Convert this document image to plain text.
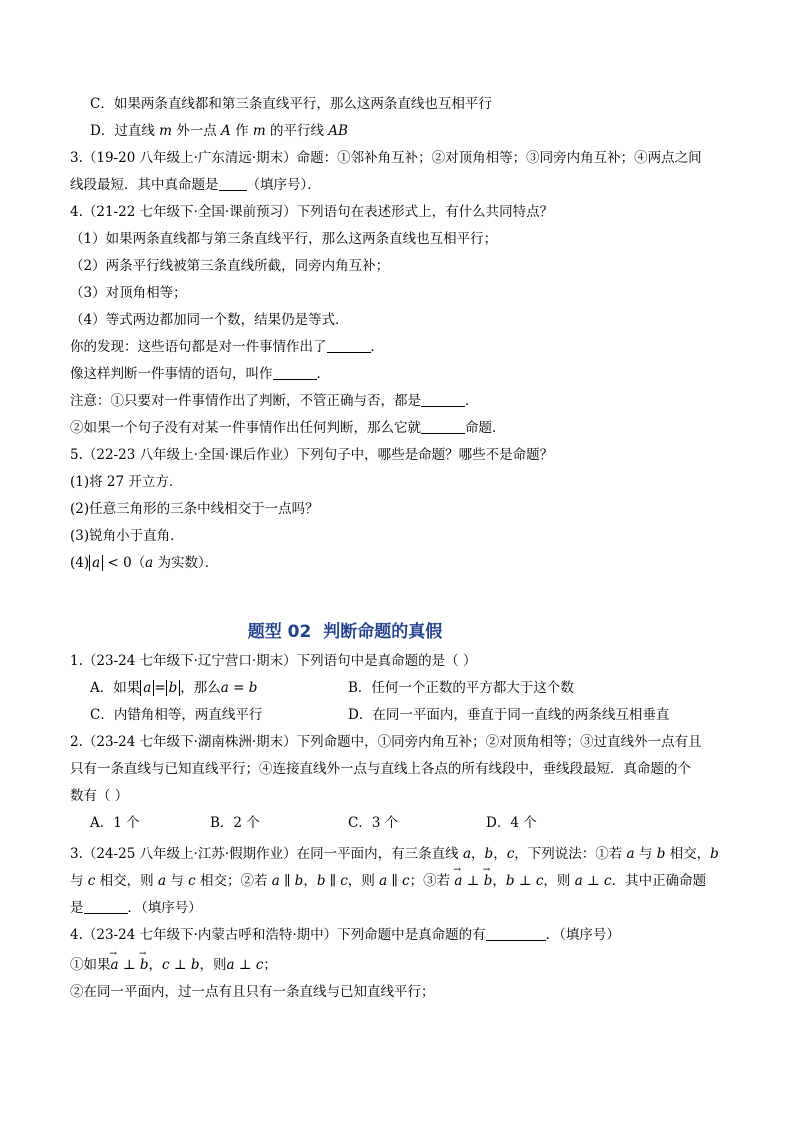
C．如果两条直线都和第三条直线平行，那么这两条直线也互相平行
D．过直线 m 外一点 A 作 m 的平行线 AB
3.（19-20 八年级上·广东清远·期末）命题：①邻补角互补；②对顶角相等；③同旁内角互补；④两点之间
线段最短．其中真命题是 （填序号）．
4.（21-22 七年级下·全国·课前预习）下列语句在表述形式上，有什么共同特点？
（1）如果两条直线都与第三条直线平行，那么这两条直线也互相平行；
（2）两条平行线被第三条直线所截，同旁内角互补；
（3）对顶角相等；
（4）等式两边都加同一个数，结果仍是等式．
你的发现：这些语句都是对一件事情作出了	．
像这样判断一件事情的语句，叫作	．
注意：①只要对一件事情作出了判断，不管正确与否，都是	．
②如果一个句子没有对某一件事情作出任何判断，那么它就	命题．
5.（22-23 八年级上·全国·课后作业）下列句子中，哪些是命题？哪些不是命题？
(1)将 27 开立方．
(2)任意三角形的三条中线相交于一点吗？
(3)锐角小于直角．
(4) a < 0（a 为实数）．
题型 02 判断命题的真假
1.（23-24 七年级下·辽宁营口·期末）下列语句中是真命题的是（ ）
A．如果 a = b ，那么a = b	B．任何一个正数的平方都大于这个数
C．内错角相等，两直线平行	D．在同一平面内，垂直于同一直线的两条线互相垂直
2.（23-24 七年级下·湖南株洲·期末）下列命题中，①同旁内角互补；②对顶角相等；③过直线外一点有且
只有一条直线与已知直线平行；④连接直线外一点与直线上各点的所有线段中，垂线段最短．真命题的个
数有（ ）
A．1 个	B．2 个	C．3 个	D．4 个
3.（24-25 八年级上·江苏·假期作业）在同一平面内，有三条直线 a，b，c，下列说法：①若 a 与 b 相交，b
与 c 相交，则 a 与 c 相交；②若 a ∥ b，b ∥ c，则 a ∥ c；③若 → a ⊥ → b，b ⊥ c，则 a ⊥ c．其中正确命题
是	．（填序号）
4.（23-24 七年级下·内蒙古呼和浩特·期中）下列命题中是真命题的有	．（填序号）
①如果→ a ⊥ → b，c ⊥ b，则a ⊥ c；
②在同一平面内，过一点有且只有一条直线与已知直线平行；
